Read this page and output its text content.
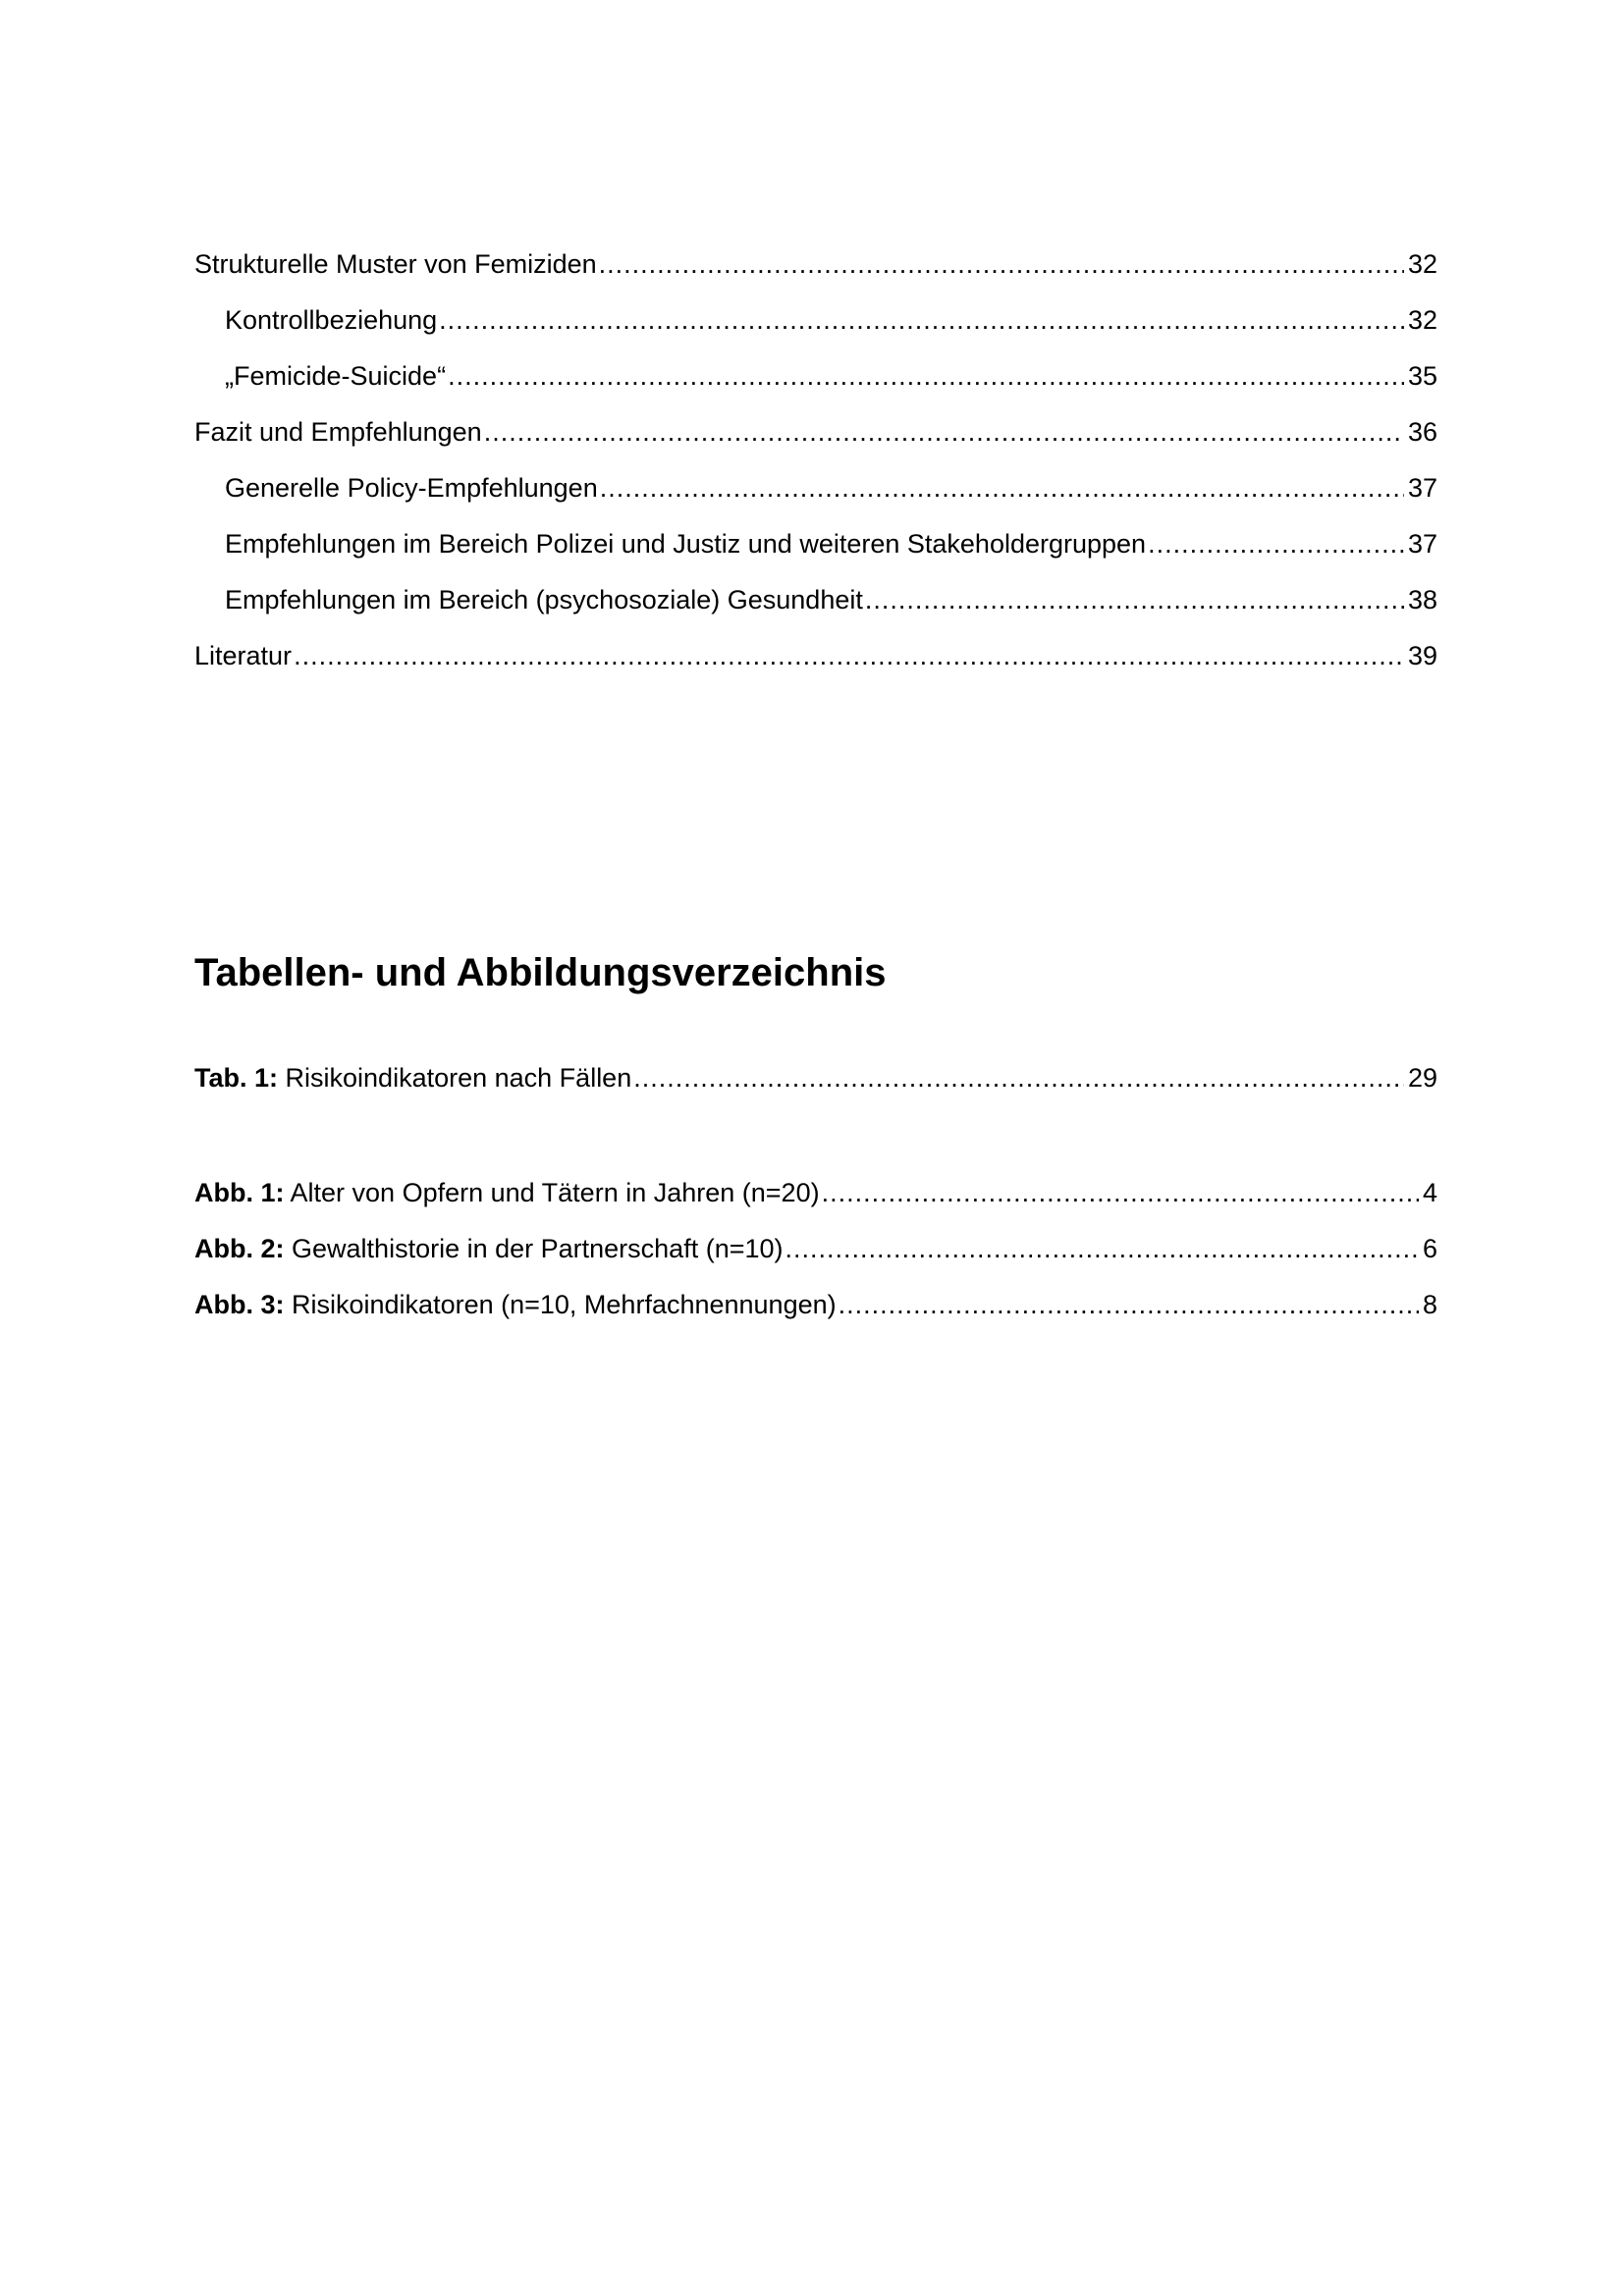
Strukturelle Muster von Femiziden .....	32
Kontrollbeziehung .....	32
„Femicide-Suicide“ .....	35
Fazit und Empfehlungen .....	36
Generelle Policy-Empfehlungen .....	37
Empfehlungen im Bereich Polizei und Justiz und weiteren Stakeholdergruppen .....	37
Empfehlungen im Bereich (psychosoziale) Gesundheit .....	38
Literatur .....	39
Tabellen- und Abbildungsverzeichnis
Tab. 1: Risikoindikatoren nach Fällen .....	29
Abb. 1: Alter von Opfern und Tätern in Jahren (n=20) .....	4
Abb. 2: Gewalthistorie in der Partnerschaft (n=10) .....	6
Abb. 3: Risikoindikatoren (n=10, Mehrfachnennungen) .....	8
